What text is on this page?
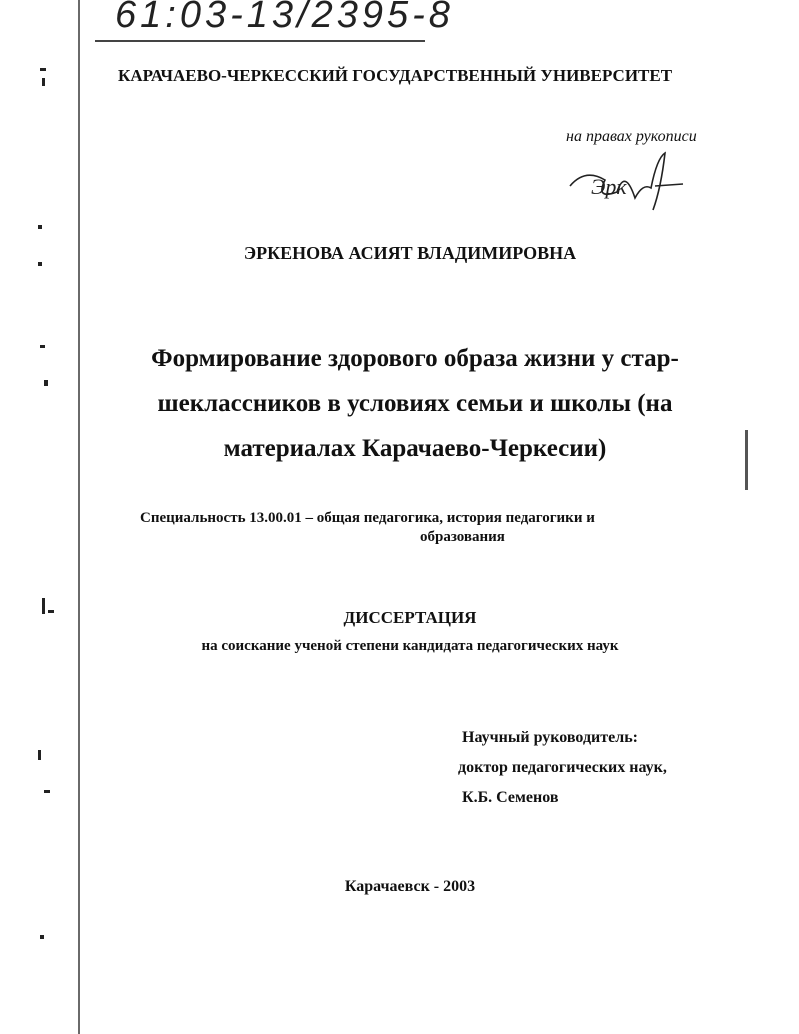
61:03-13/2395-8
КАРАЧАЕВО-ЧЕРКЕССКИЙ ГОСУДАРСТВЕННЫЙ УНИВЕРСИТЕТ
на правах рукописи
Эрк
ЭРКЕНОВА АСИЯТ ВЛАДИМИРОВНА
Формирование здорового образа жизни у стар-
шеклассников в условиях семьи и школы (на
материалах Карачаево-Черкесии)
Специальность 13.00.01 – общая педагогика, история педагогики и
образования
ДИССЕРТАЦИЯ
на соискание ученой степени кандидата педагогических наук
Научный руководитель:
доктор педагогических наук,
К.Б. Семенов
Карачаевск - 2003
